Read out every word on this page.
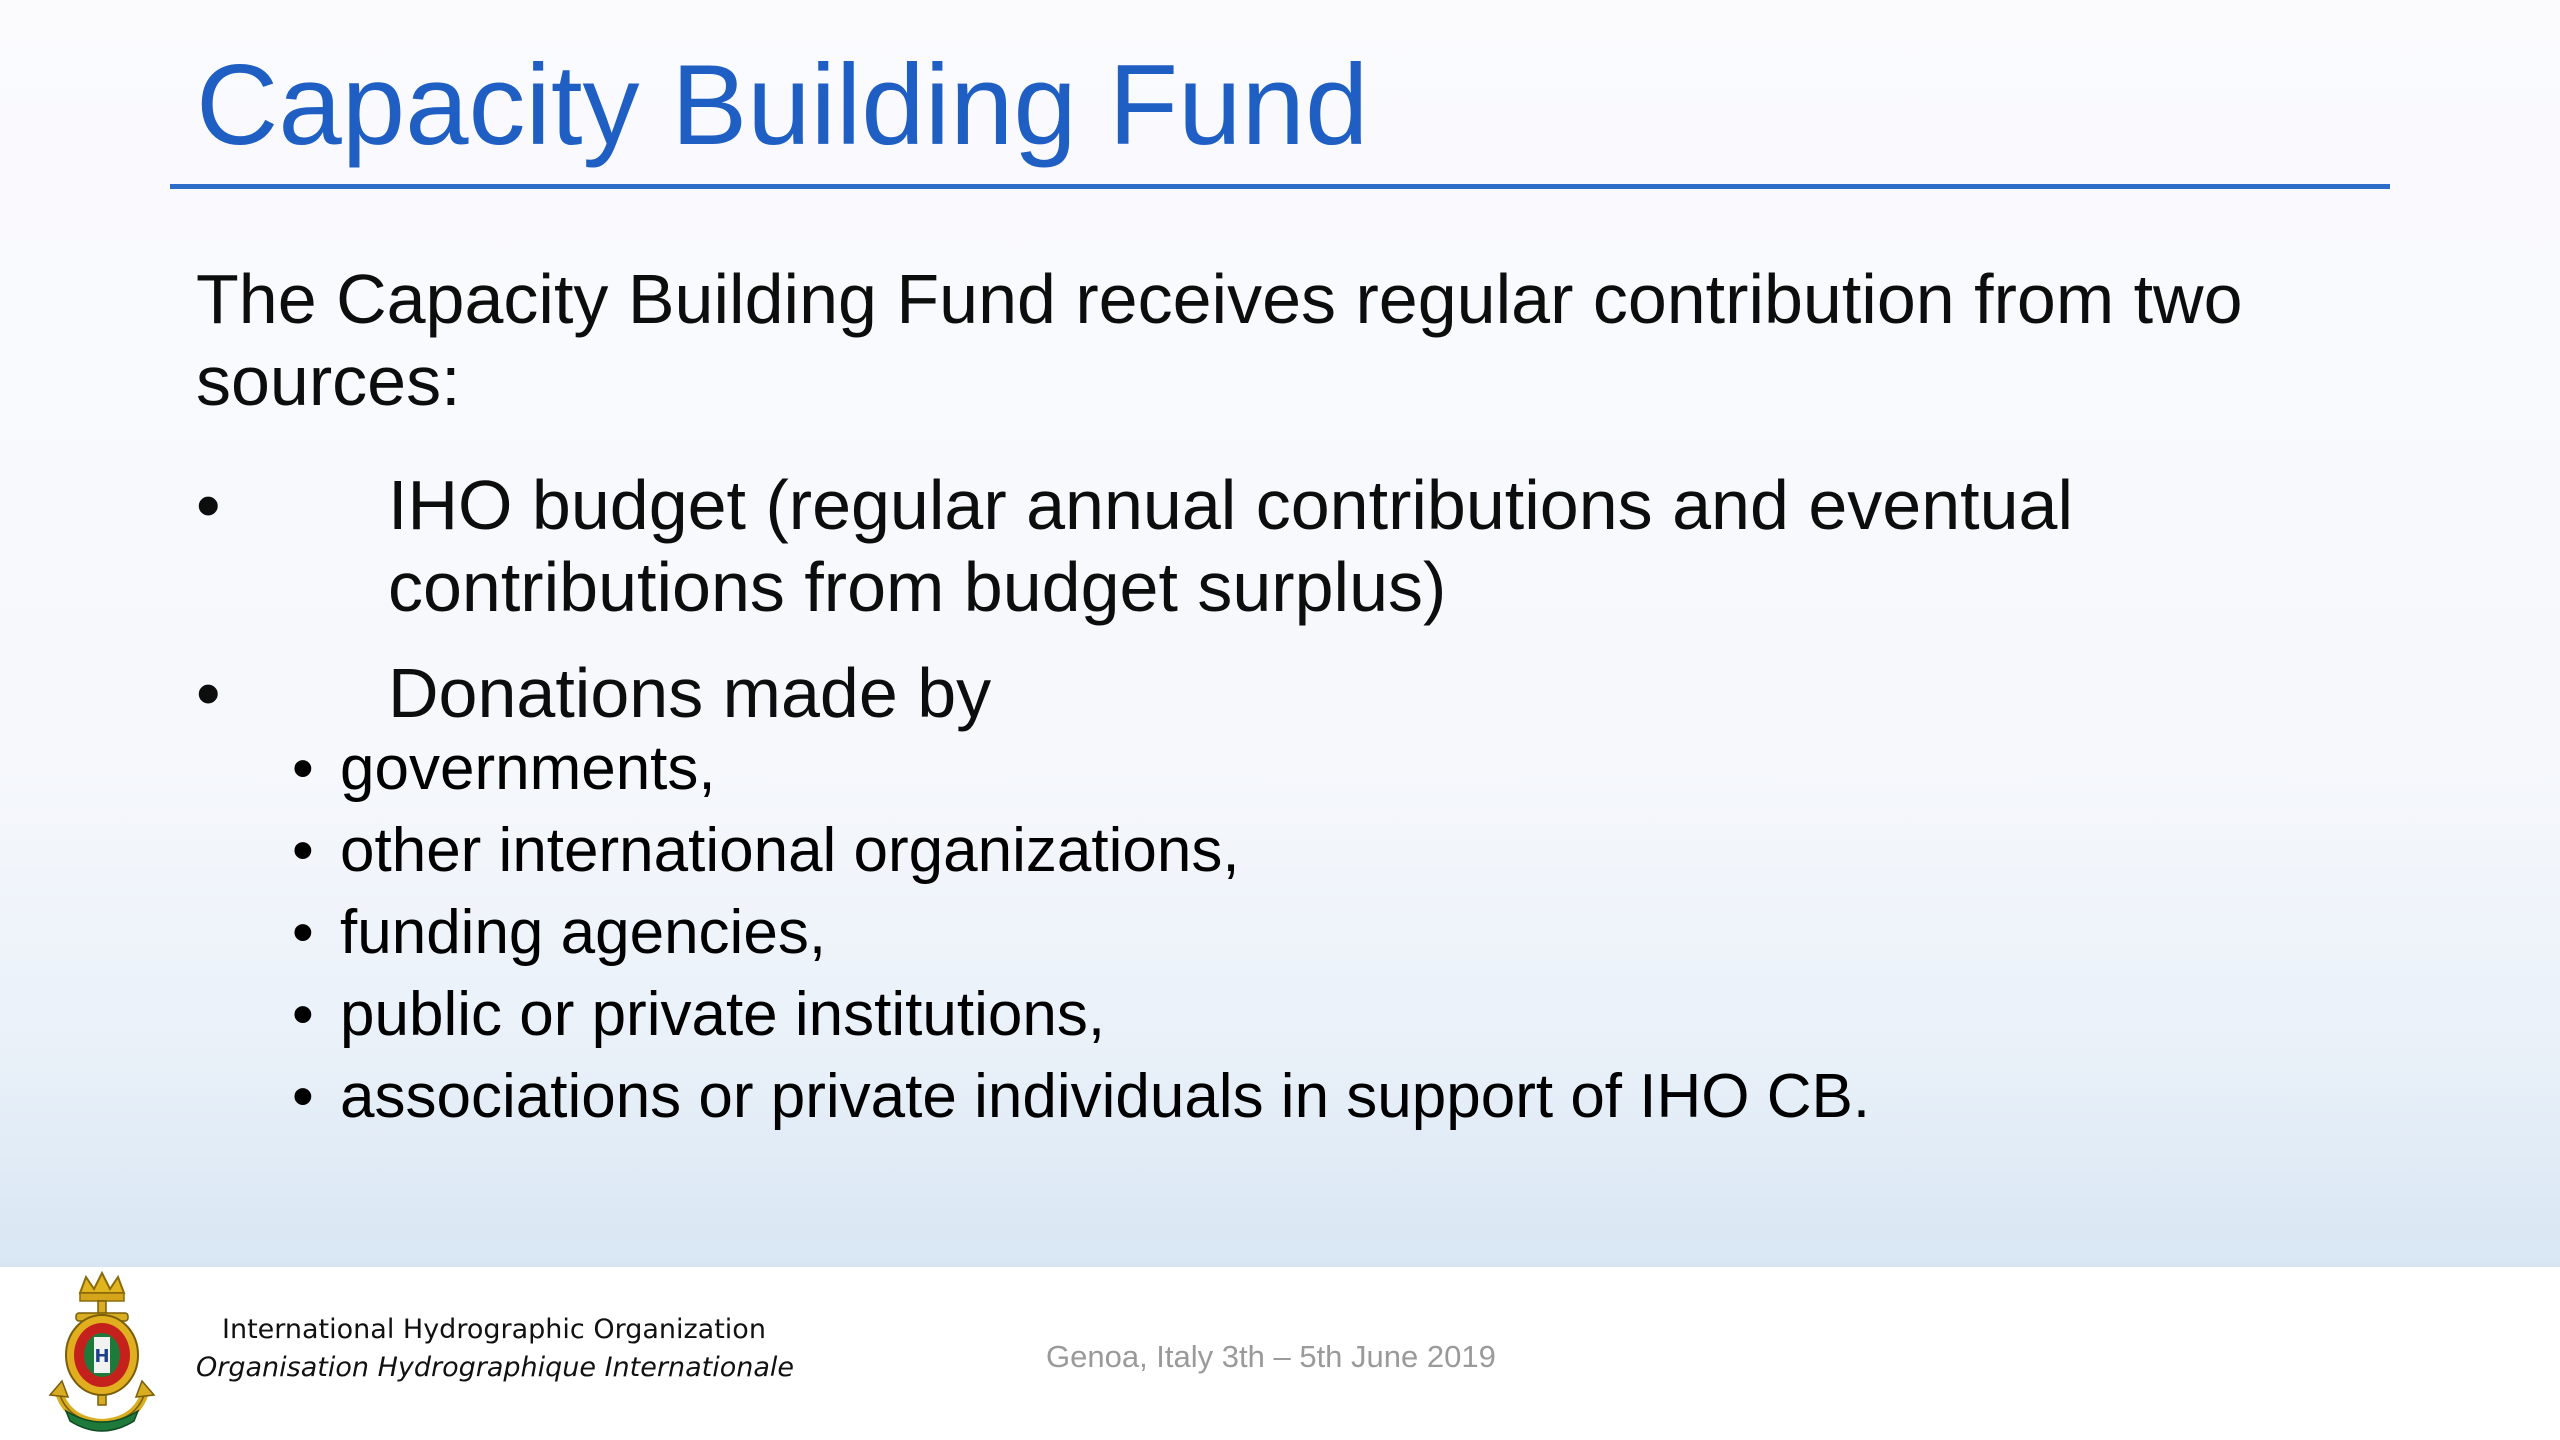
Capacity Building Fund

The Capacity Building Fund receives regular contribution from two sources:

•	IHO budget (regular annual contributions and eventual contributions from budget surplus)
•	Donations made by
• governments,
• other international organizations,
• funding agencies,
• public or private institutions,
• associations or private individuals in support of IHO CB.
H
International Hydrographic Organization
Organisation Hydrographique Internationale	Genoa, Italy 3th – 5th June 2019
